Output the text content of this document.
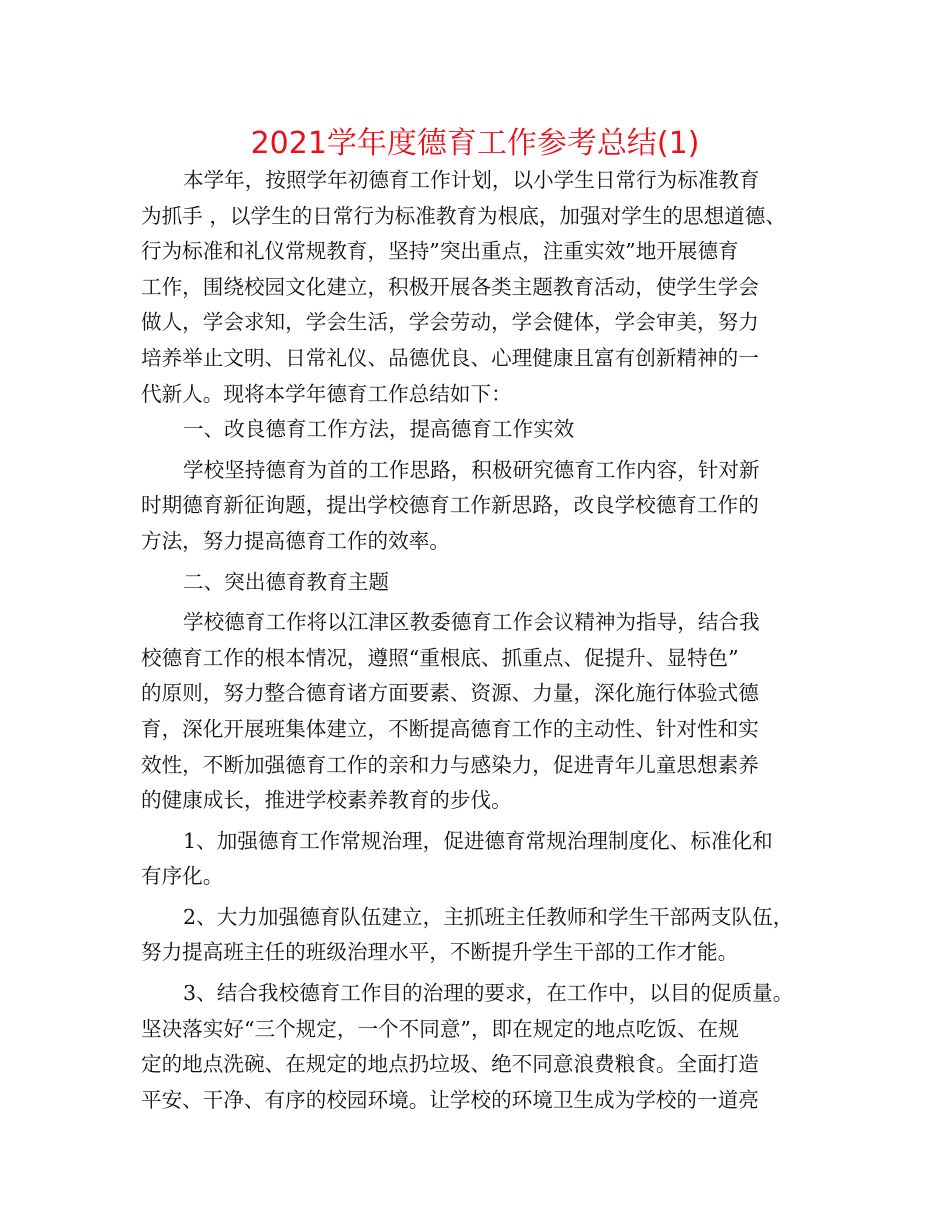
2021学年度德育工作参考总结(1)

本学年，按照学年初德育工作计划，以小学生日常行为标准教育
为抓手 ，以学生的日常行为标准教育为根底，加强对学生的思想道德、
行为标准和礼仪常规教育，坚持”突出重点，注重实效”地开展德育
工作，围绕校园文化建立，积极开展各类主题教育活动，使学生学会
做人，学会求知，学会生活，学会劳动，学会健体，学会审美，努力
培养举止文明、日常礼仪、品德优良、心理健康且富有创新精神的一
代新人。现将本学年德育工作总结如下：

一、改良德育工作方法，提高德育工作实效

学校坚持德育为首的工作思路，积极研究德育工作内容，针对新
时期德育新征询题，提出学校德育工作新思路，改良学校德育工作的
方法，努力提高德育工作的效率。

二、突出德育教育主题

学校德育工作将以江津区教委德育工作会议精神为指导，结合我
校德育工作的根本情况，遵照“重根底、抓重点、促提升、显特色”
的原则，努力整合德育诸方面要素、资源、力量，深化施行体验式德
育，深化开展班集体建立，不断提高德育工作的主动性、针对性和实
效性，不断加强德育工作的亲和力与感染力，促进青年儿童思想素养
的健康成长，推进学校素养教育的步伐。

1、加强德育工作常规治理，促进德育常规治理制度化、标准化和
有序化。

2、大力加强德育队伍建立，主抓班主任教师和学生干部两支队伍，
努力提高班主任的班级治理水平，不断提升学生干部的工作才能。

3、结合我校德育工作目的治理的要求，在工作中，以目的促质量。
坚决落实好“三个规定，一个不同意”，即在规定的地点吃饭、在规
定的地点洗碗、在规定的地点扔垃圾、绝不同意浪费粮食。全面打造
平安、干净、有序的校园环境。让学校的环境卫生成为学校的一道亮
